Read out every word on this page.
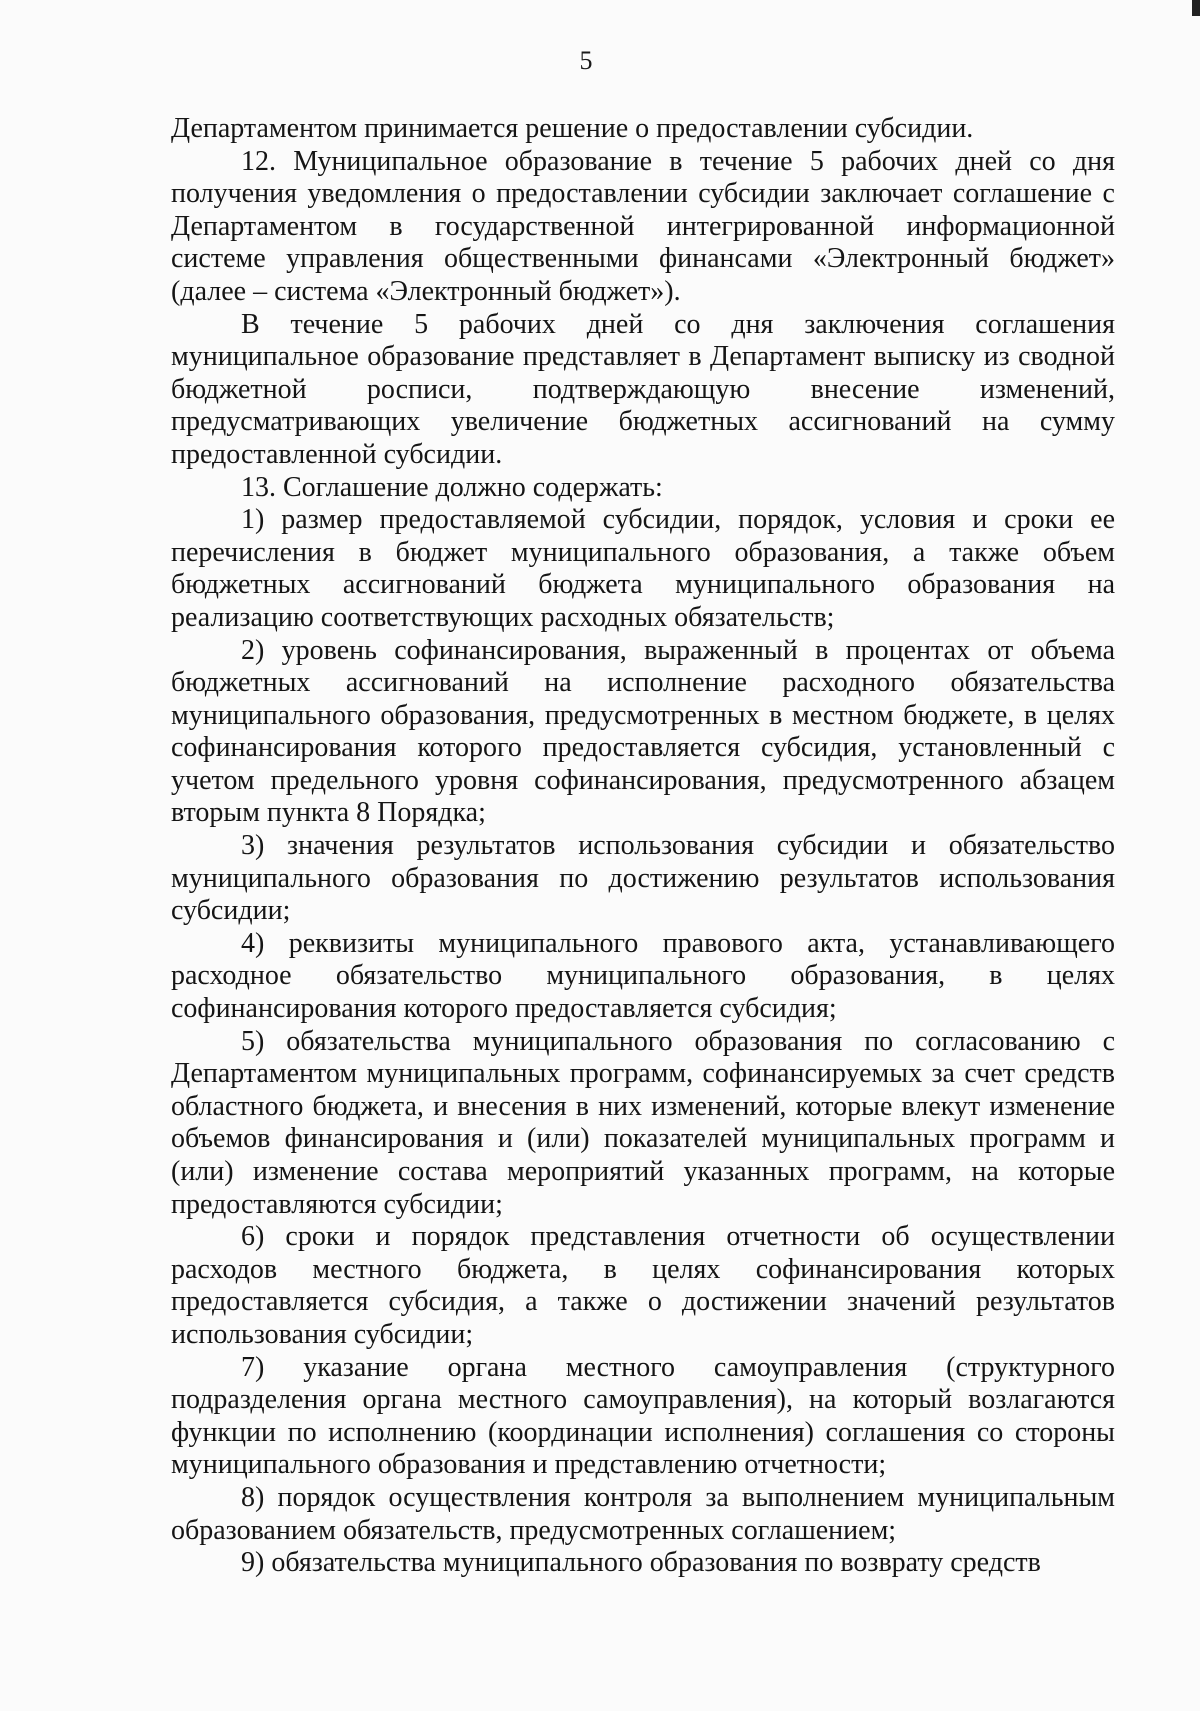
5

Департаментом принимается решение о предоставлении субсидии.

12. Муниципальное образование в течение 5 рабочих дней со дня получения уведомления о предоставлении субсидии заключает соглашение с Департаментом в государственной интегрированной информационной системе управления общественными финансами «Электронный бюджет» (далее – система «Электронный бюджет»).

В течение 5 рабочих дней со дня заключения соглашения муниципальное образование представляет в Департамент выписку из сводной бюджетной росписи, подтверждающую внесение изменений, предусматривающих увеличение бюджетных ассигнований на сумму предоставленной субсидии.

13. Соглашение должно содержать:

1) размер предоставляемой субсидии, порядок, условия и сроки ее перечисления в бюджет муниципального образования, а также объем бюджетных ассигнований бюджета муниципального образования на реализацию соответствующих расходных обязательств;

2) уровень софинансирования, выраженный в процентах от объема бюджетных ассигнований на исполнение расходного обязательства муниципального образования, предусмотренных в местном бюджете, в целях софинансирования которого предоставляется субсидия, установленный с учетом предельного уровня софинансирования, предусмотренного абзацем вторым пункта 8 Порядка;

3) значения результатов использования субсидии и обязательство муниципального образования по достижению результатов использования субсидии;

4) реквизиты муниципального правового акта, устанавливающего расходное обязательство муниципального образования, в целях софинансирования которого предоставляется субсидия;

5) обязательства муниципального образования по согласованию с Департаментом муниципальных программ, софинансируемых за счет средств областного бюджета, и внесения в них изменений, которые влекут изменение объемов финансирования и (или) показателей муниципальных программ и (или) изменение состава мероприятий указанных программ, на которые предоставляются субсидии;

6) сроки и порядок представления отчетности об осуществлении расходов местного бюджета, в целях софинансирования которых предоставляется субсидия, а также о достижении значений результатов использования субсидии;

7) указание органа местного самоуправления (структурного подразделения органа местного самоуправления), на который возлагаются функции по исполнению (координации исполнения) соглашения со стороны муниципального образования и представлению отчетности;

8) порядок осуществления контроля за выполнением муниципальным образованием обязательств, предусмотренных соглашением;

9) обязательства муниципального образования по возврату средств
